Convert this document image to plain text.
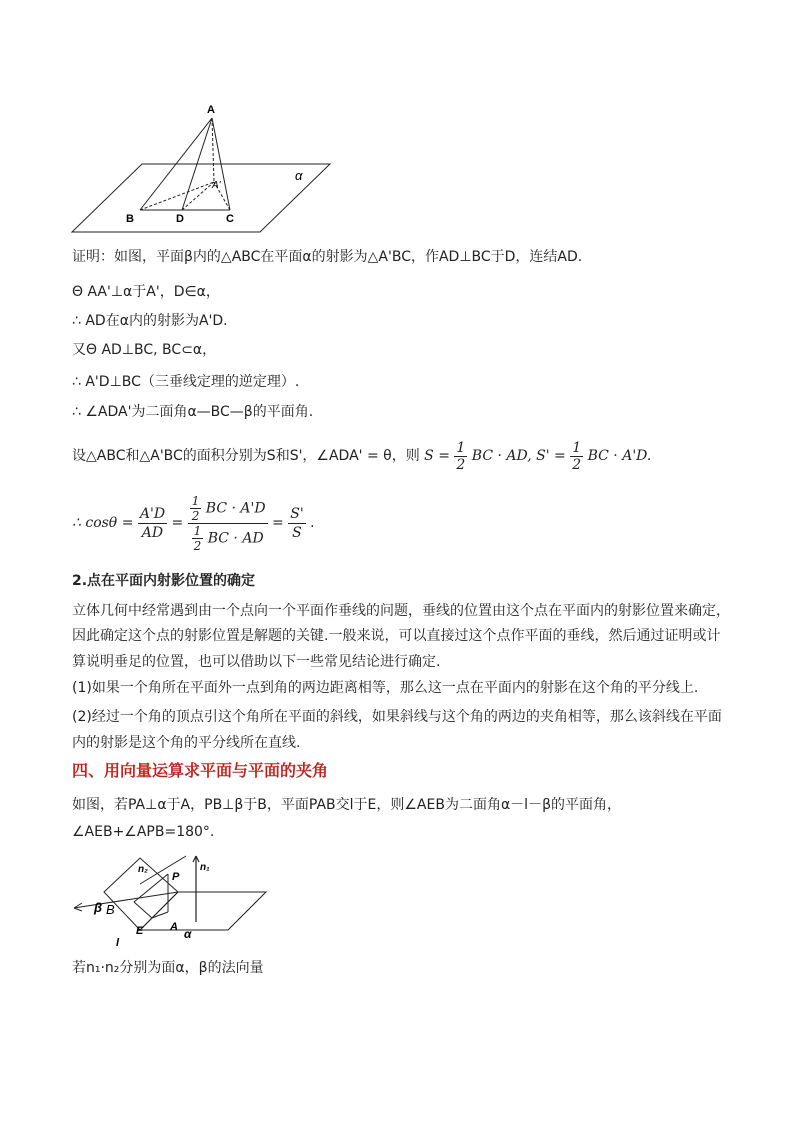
A
A'
α
B	D	C
证明：如图，平面β内的△ABC在平面α的射影为△A'BC，作AD⊥BC于D，连结AD.
Θ AA'⊥α于A'，D∈α，
∴ AD在α内的射影为A'D.
又Θ AD⊥BC, BC⊂α，
∴ A'D⊥BC（三垂线定理的逆定理）.
∴ ∠ADA'为二面角α—BC—β的平面角.
设△ABC和△A'BC的面积分别为S和S'，∠ADA' = θ，则 $S = \frac{1}{2}$ BC · AD, $S' = \frac{1}{2}$ BC · A'D.
∴ $\cos\theta = \frac{A'D}{AD} = \frac{\frac{1}{2} BC \cdot A'D}{\frac{1}{2} BC \cdot AD} = \frac{S'}{S}$ .
2.点在平面内射影位置的确定
立体几何中经常遇到由一个点向一个平面作垂线的问题，垂线的位置由这个点在平面内的射影位置来确定，
因此确定这个点的射影位置是解题的关键.一般来说，可以直接过这个点作平面的垂线，然后通过证明或计
算说明垂足的位置，也可以借助以下一些常见结论进行确定.
(1)如果一个角所在平面外一点到角的两边距离相等，那么这一点在平面内的射影在这个角的平分线上.
(2)经过一个角的顶点引这个角所在平面的斜线，如果斜线与这个角的两边的夹角相等，那么该斜线在平面
内的射影是这个角的平分线所在直线.
四、用向量运算求平面与平面的夹角
如图，若PA⊥α于A，PB⊥β于B，平面PAB交l于E，则∠AEB为二面角α－l－β的平面角，
∠AEB+∠APB=180°.
n₂	n₁
P
β B
E A α
l
若n₁·n₂分别为面α，β的法向量
